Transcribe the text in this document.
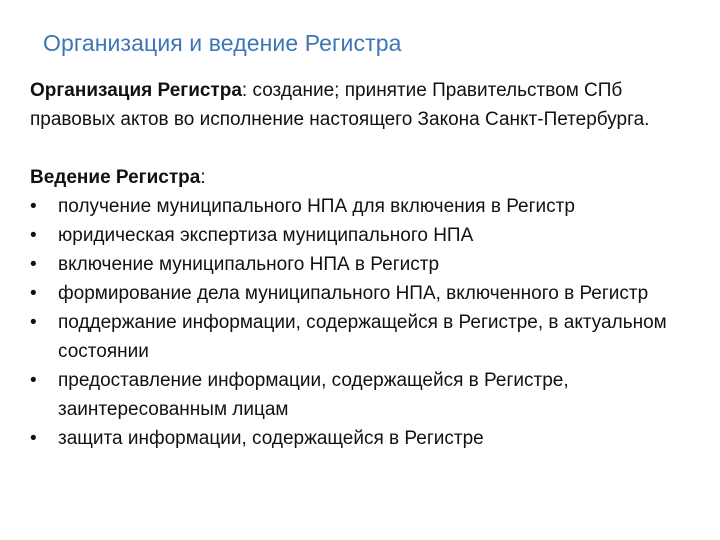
Организация и ведение Регистра

Организация Регистра: создание; принятие Правительством СПб правовых актов во исполнение настоящего Закона Санкт-Петербурга.

Ведение Регистра:

• получение муниципального НПА для включения в Регистр
• юридическая экспертиза муниципального НПА
• включение муниципального НПА в Регистр
• формирование дела муниципального НПА, включенного в Регистр
• поддержание информации, содержащейся в Регистре, в актуальном состоянии
• предоставление информации, содержащейся в Регистре, заинтересованным лицам
• защита информации, содержащейся в Регистре
